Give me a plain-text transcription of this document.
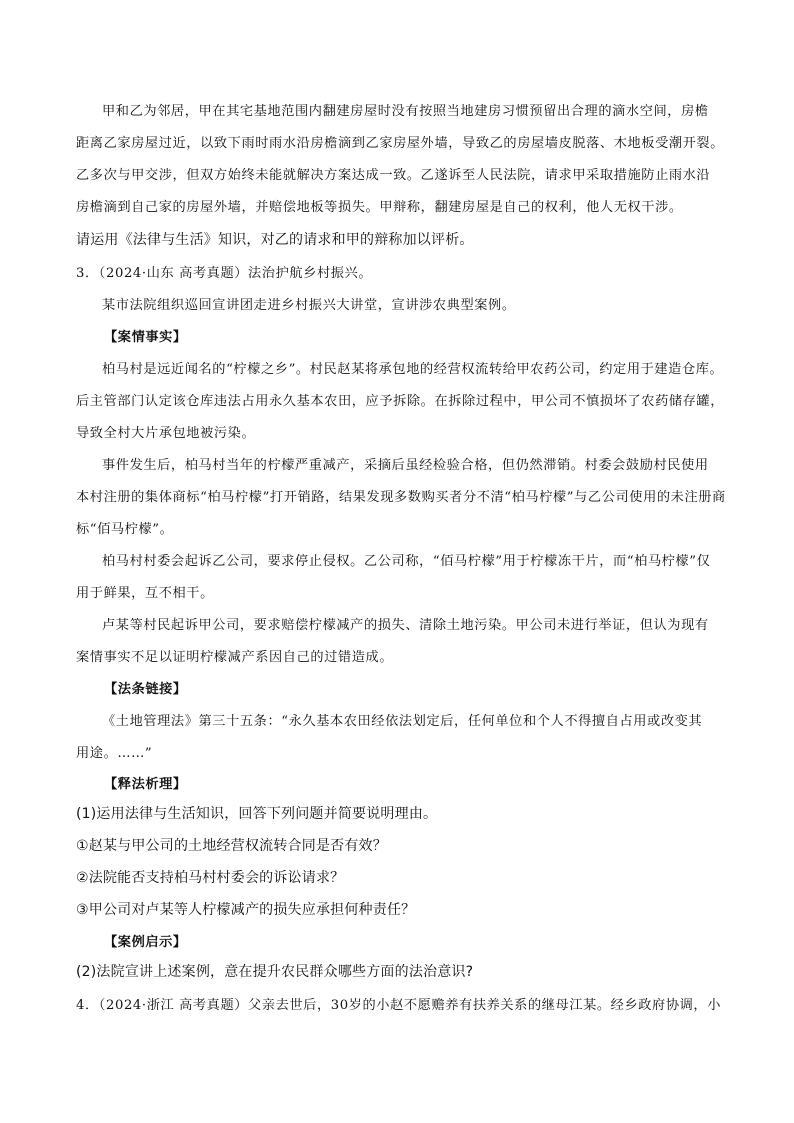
甲和乙为邻居，甲在其宅基地范围内翻建房屋时没有按照当地建房习惯预留出合理的滴水空间，房檐
距离乙家房屋过近，以致下雨时雨水沿房檐滴到乙家房屋外墙，导致乙的房屋墙皮脱落、木地板受潮开裂。
乙多次与甲交涉，但双方始终未能就解决方案达成一致。乙遂诉至人民法院，请求甲采取措施防止雨水沿
房檐滴到自己家的房屋外墙，并赔偿地板等损失。甲辩称，翻建房屋是自己的权利，他人无权干涉。
请运用《法律与生活》知识，对乙的请求和甲的辩称加以评析。
3．（2024·山东 高考真题）法治护航乡村振兴。
某市法院组织巡回宣讲团走进乡村振兴大讲堂，宣讲涉农典型案例。
【案情事实】
柏马村是远近闻名的“柠檬之乡”。村民赵某将承包地的经营权流转给甲农药公司，约定用于建造仓库。
后主管部门认定该仓库违法占用永久基本农田，应予拆除。在拆除过程中，甲公司不慎损坏了农药储存罐，
导致全村大片承包地被污染。
事件发生后，柏马村当年的柠檬严重减产，采摘后虽经检验合格，但仍然滞销。村委会鼓励村民使用
本村注册的集体商标“柏马柠檬”打开销路，结果发现多数购买者分不清“柏马柠檬”与乙公司使用的未注册商
标“佰马柠檬”。
柏马村村委会起诉乙公司，要求停止侵权。乙公司称，“佰马柠檬”用于柠檬冻干片，而“柏马柠檬”仅
用于鲜果，互不相干。
卢某等村民起诉甲公司，要求赔偿柠檬减产的损失、清除土地污染。甲公司未进行举证，但认为现有
案情事实不足以证明柠檬减产系因自己的过错造成。
【法条链接】
《土地管理法》第三十五条：“永久基本农田经依法划定后，任何单位和个人不得擅自占用或改变其
用途。……”
【释法析理】
(1)运用法律与生活知识，回答下列问题并简要说明理由。
①赵某与甲公司的土地经营权流转合同是否有效？
②法院能否支持柏马村村委会的诉讼请求？
③甲公司对卢某等人柠檬减产的损失应承担何种责任？
【案例启示】
(2)法院宣讲上述案例，意在提升农民群众哪些方面的法治意识?
4．（2024·浙江 高考真题）父亲去世后，30岁的小赵不愿赡养有扶养关系的继母江某。经乡政府协调，小
